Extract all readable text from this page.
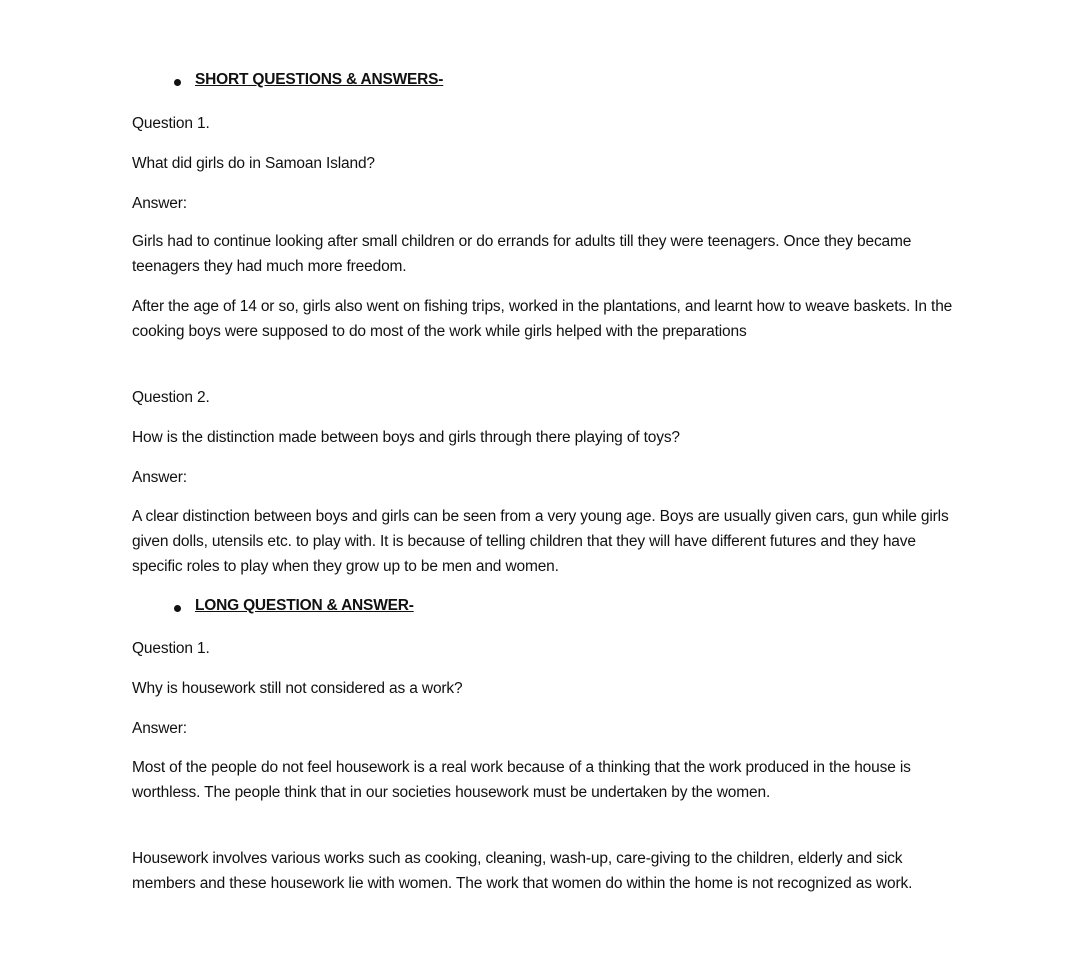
SHORT QUESTIONS & ANSWERS-
Question 1.
What did girls do in Samoan Island?
Answer:
Girls had to continue looking after small children or do errands for adults till they were teenagers. Once they became teenagers they had much more freedom.
After the age of 14 or so, girls also went on fishing trips, worked in the plantations, and learnt how to weave baskets. In the cooking boys were supposed to do most of the work while girls helped with the preparations
Question 2.
How is the distinction made between boys and girls through there playing of toys?
Answer:
A clear distinction between boys and girls can be seen from a very young age. Boys are usually given cars, gun while girls given dolls, utensils etc. to play with. It is because of telling children that they will have different futures and they have specific roles to play when they grow up to be men and women.
LONG QUESTION & ANSWER-
Question 1.
Why is housework still not considered as a work?
Answer:
Most of the people do not feel housework is a real work because of a thinking that the work produced in the house is worthless. The people think that in our societies housework must be undertaken by the women.
Housework involves various works such as cooking, cleaning, wash-up, care-giving to the children, elderly and sick members and these housework lie with women. The work that women do within the home is not recognized as work.
